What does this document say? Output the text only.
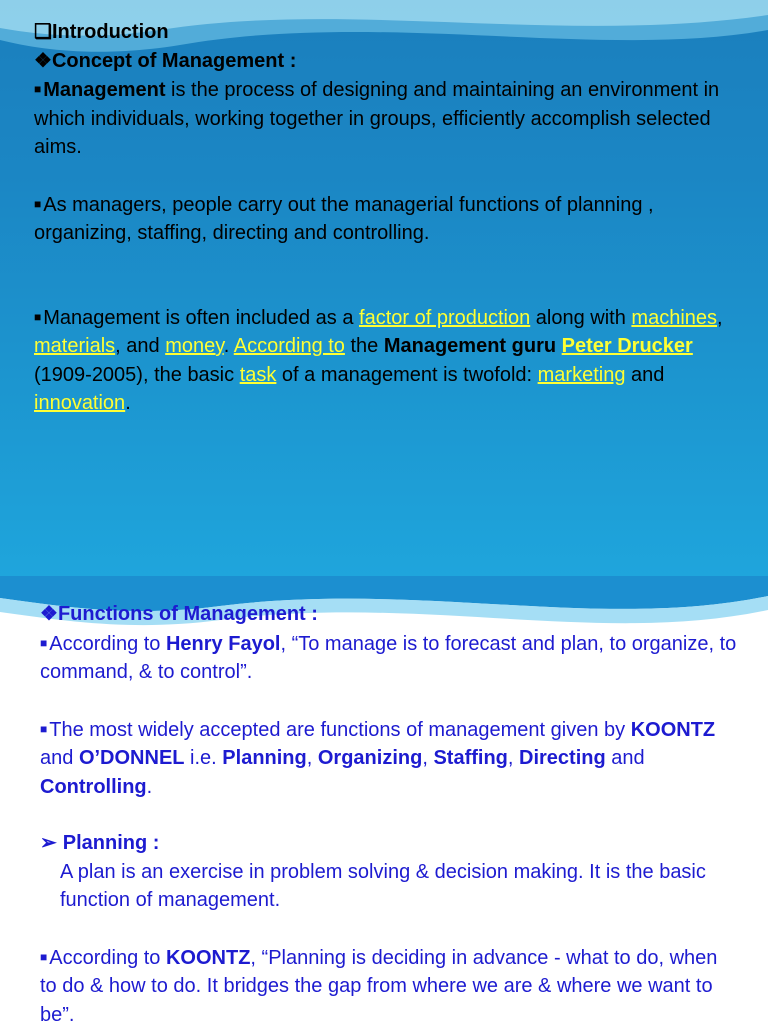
❑Introduction
❖Concept of Management :

■ Management is the process of designing and maintaining an environment in which individuals, working together in groups, efficiently accomplish selected aims.

■ As managers, people carry out the managerial functions of planning , organizing, staffing, directing and controlling.

■ Management is often included as a factor of production along with machines, materials, and money. According to the Management guru Peter Drucker (1909-2005), the basic task of a management is twofold: marketing and innovation.

❖Functions of Management :

■ According to Henry Fayol, “To manage is to forecast and plan, to organize, to command, & to control”.

■ The most widely accepted are functions of management given by KOONTZ and O’DONNEL i.e. Planning, Organizing, Staffing, Directing and Controlling.

➢ Planning :

A plan is an exercise in problem solving & decision making. It is the basic function of management.

■ According to KOONTZ, “Planning is deciding in advance - what to do, when to do & how to do. It bridges the gap from where we are & where we want to be”.
